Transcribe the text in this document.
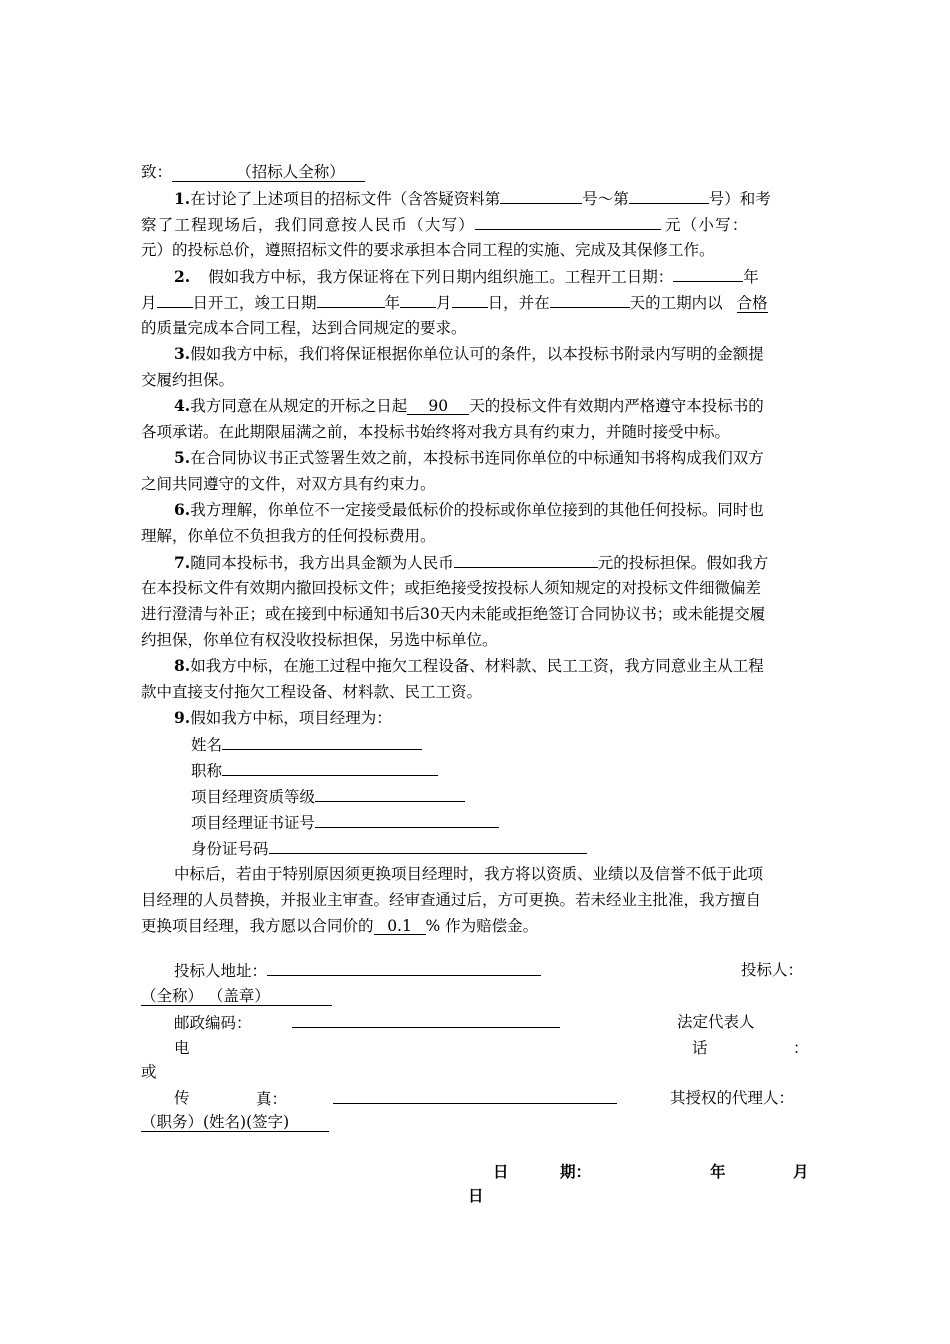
致：	（招标人全称）
1.在讨论了上述项目的招标文件（含答疑资料第	号～第	号）和考
察了工程现场后，我们同意按人民币（大写）	元（小写：
元）的投标总价，遵照招标文件的要求承担本合同工程的实施、完成及其保修工作。
2. 假如我方中标，我方保证将在下列日期内组织施工。工程开工日期：	年
月 日开工，竣工日期	年 月 日，并在	天的工期内以 合格
的质量完成本合同工程，达到合同规定的要求。
3.假如我方中标，我们将保证根据你单位认可的条件，以本投标书附录内写明的金额提
交履约担保。
4.我方同意在从规定的开标之日起 90 天的投标文件有效期内严格遵守本投标书的
各项承诺。在此期限届满之前，本投标书始终将对我方具有约束力，并随时接受中标。
5.在合同协议书正式签署生效之前，本投标书连同你单位的中标通知书将构成我们双方
之间共同遵守的文件，对双方具有约束力。
6.我方理解，你单位不一定接受最低标价的投标或你单位接到的其他任何投标。同时也
理解，你单位不负担我方的任何投标费用。
7.随同本投标书，我方出具金额为人民币	元的投标担保。假如我方
在本投标文件有效期内撤回投标文件；或拒绝接受按投标人须知规定的对投标文件细微偏差
进行澄清与补正；或在接到中标通知书后30天内未能或拒绝签订合同协议书；或未能提交履
约担保，你单位有权没收投标担保，另选中标单位。
8.如我方中标，在施工过程中拖欠工程设备、材料款、民工工资，我方同意业主从工程
款中直接支付拖欠工程设备、材料款、民工工资。
9.假如我方中标，项目经理为：
姓名
职称
项目经理资质等级
项目经理证书证号
身份证号码
中标后，若由于特别原因须更换项目经理时，我方将以资质、业绩以及信誉不低于此项
目经理的人员替换，并报业主审查。经审查通过后，方可更换。若未经业主批准，我方擅自
更换项目经理，我方愿以合同价的 0.1 % 作为赔偿金。
投标人地址：	投标人：
（全称） （盖章）
邮政编码：	法定代表人
电	话	：
或
传	真：	其授权的代理人：
（职务）(姓名)(签字)
日	期：	年	月
日
